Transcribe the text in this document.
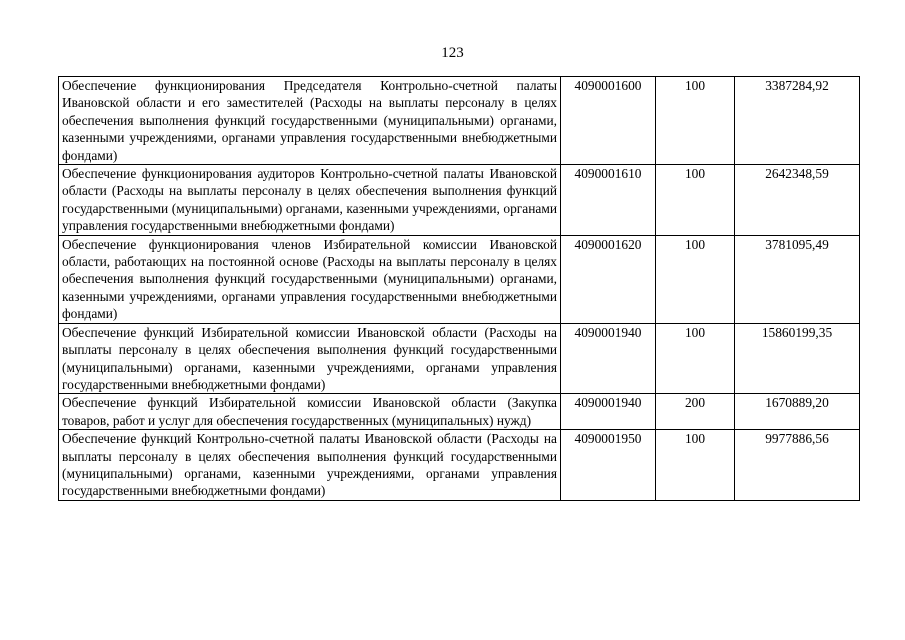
123
Обеспечение функционирования Председателя Контрольно-счетной палаты Ивановской области и его заместителей (Расходы на выплаты персоналу в целях обеспечения выполнения функций государственными (муниципальными) органами, казенными учреждениями, органами управления государственными внебюджетными фондами)	4090001600	100	3387284,92
Обеспечение функционирования аудиторов Контрольно-счетной палаты Ивановской области (Расходы на выплаты персоналу в целях обеспечения выполнения функций государственными (муниципальными) органами, казенными учреждениями, органами управления государственными внебюджетными фондами)	4090001610	100	2642348,59
Обеспечение функционирования членов Избирательной комиссии Ивановской области, работающих на постоянной основе (Расходы на выплаты персоналу в целях обеспечения выполнения функций государственными (муниципальными) органами, казенными учреждениями, органами управления государственными внебюджетными фондами)	4090001620	100	3781095,49
Обеспечение функций Избирательной комиссии Ивановской области (Расходы на выплаты персоналу в целях обеспечения выполнения функций государственными (муниципальными) органами, казенными учреждениями, органами управления государственными внебюджетными фондами)	4090001940	100	15860199,35
Обеспечение функций Избирательной комиссии Ивановской области (Закупка товаров, работ и услуг для обеспечения государственных (муниципальных) нужд)	4090001940	200	1670889,20
Обеспечение функций Контрольно-счетной палаты Ивановской области (Расходы на выплаты персоналу в целях обеспечения выполнения функций государственными (муниципальными) органами, казенными учреждениями, органами управления государственными внебюджетными фондами)	4090001950	100	9977886,56
